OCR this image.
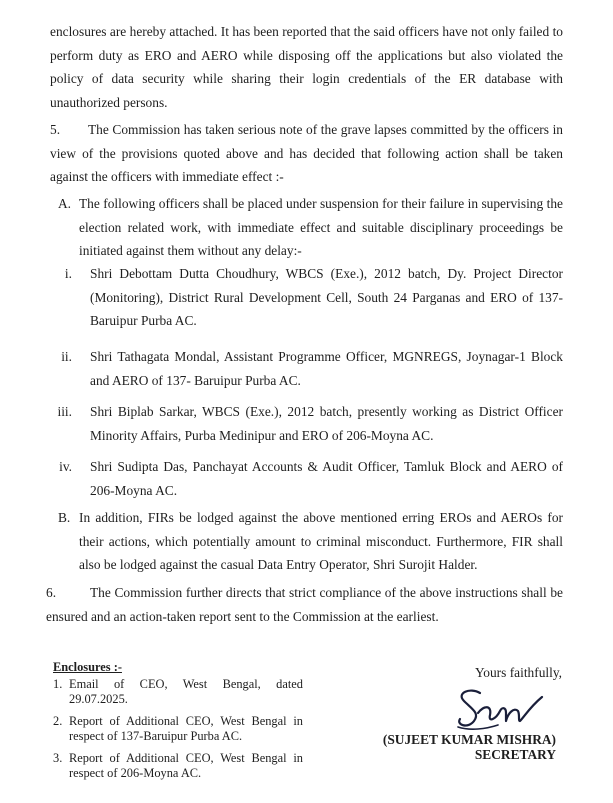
enclosures are hereby attached. It has been reported that the said officers have not only failed to perform duty as ERO and AERO while disposing off the applications but also violated the policy of data security while sharing their login credentials of the ER database with unauthorized persons.
5. The Commission has taken serious note of the grave lapses committed by the officers in view of the provisions quoted above and has decided that following action shall be taken against the officers with immediate effect :-
A. The following officers shall be placed under suspension for their failure in supervising the election related work, with immediate effect and suitable disciplinary proceedings be initiated against them without any delay:-
i. Shri Debottam Dutta Choudhury, WBCS (Exe.), 2012 batch, Dy. Project Director (Monitoring), District Rural Development Cell, South 24 Parganas and ERO of 137- Baruipur Purba AC.
ii. Shri Tathagata Mondal, Assistant Programme Officer, MGNREGS, Joynagar-1 Block and AERO of 137- Baruipur Purba AC.
iii. Shri Biplab Sarkar, WBCS (Exe.), 2012 batch, presently working as District Officer Minority Affairs, Purba Medinipur and ERO of 206-Moyna AC.
iv. Shri Sudipta Das, Panchayat Accounts & Audit Officer, Tamluk Block and AERO of 206-Moyna AC.
B. In addition, FIRs be lodged against the above mentioned erring EROs and AEROs for their actions, which potentially amount to criminal misconduct. Furthermore, FIR shall also be lodged against the casual Data Entry Operator, Shri Surojit Halder.
6.	The Commission further directs that strict compliance of the above instructions shall be ensured and an action-taken report sent to the Commission at the earliest.
Enclosures :-
1. Email of CEO, West Bengal, dated 29.07.2025.
2. Report of Additional CEO, West Bengal in respect of 137-Baruipur Purba AC.
3. Report of Additional CEO, West Bengal in respect of 206-Moyna AC.
Yours faithfully,
(SUJEET KUMAR MISHRA)
SECRETARY
